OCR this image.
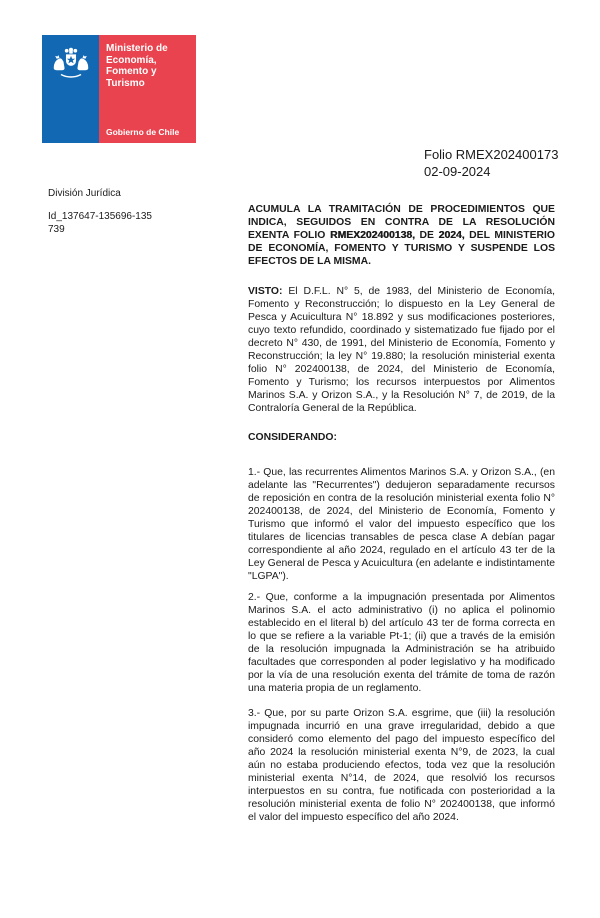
Ministerio de Economía, Fomento y Turismo
Gobierno de Chile
Folio RMEX202400173
02-09-2024
División Jurídica
Id_137647-135696-135739

ACUMULA LA TRAMITACIÓN DE PROCEDIMIENTOS QUE INDICA, SEGUIDOS EN CONTRA DE LA RESOLUCIÓN EXENTA FOLIO RMEX202400138, DE 2024, DEL MINISTERIO DE ECONOMÍA, FOMENTO Y TURISMO Y SUSPENDE LOS EFECTOS DE LA MISMA.

VISTO: El D.F.L. N° 5, de 1983, del Ministerio de Economía, Fomento y Reconstrucción; lo dispuesto en la Ley General de Pesca y Acuicultura N° 18.892 y sus modificaciones posteriores, cuyo texto refundido, coordinado y sistematizado fue fijado por el decreto N° 430, de 1991, del Ministerio de Economía, Fomento y Reconstrucción; la ley N° 19.880; la resolución ministerial exenta folio N° 202400138, de 2024, del Ministerio de Economía, Fomento y Turismo; los recursos interpuestos por Alimentos Marinos S.A. y Orizon S.A., y la Resolución N° 7, de 2019, de la Contraloría General de la República.

CONSIDERANDO:

1.- Que, las recurrentes Alimentos Marinos S.A. y Orizon S.A., (en adelante las "Recurrentes") dedujeron separadamente recursos de reposición en contra de la resolución ministerial exenta folio N° 202400138, de 2024, del Ministerio de Economía, Fomento y Turismo que informó el valor del impuesto específico que los titulares de licencias transables de pesca clase A debían pagar correspondiente al año 2024, regulado en el artículo 43 ter de la Ley General de Pesca y Acuicultura (en adelante e indistintamente "LGPA").

2.- Que, conforme a la impugnación presentada por Alimentos Marinos S.A. el acto administrativo (i) no aplica el polinomio establecido en el literal b) del artículo 43 ter de forma correcta en lo que se refiere a la variable Pt-1; (ii) que a través de la emisión de la resolución impugnada la Administración se ha atribuido facultades que corresponden al poder legislativo y ha modificado por la vía de una resolución exenta del trámite de toma de razón una materia propia de un reglamento.

3.- Que, por su parte Orizon S.A. esgrime, que (iii) la resolución impugnada incurrió en una grave irregularidad, debido a que consideró como elemento del pago del impuesto específico del año 2024 la resolución ministerial exenta N°9, de 2023, la cual aún no estaba produciendo efectos, toda vez que la resolución ministerial exenta N°14, de 2024, que resolvió los recursos interpuestos en su contra, fue notificada con posterioridad a la resolución ministerial exenta de folio N° 202400138, que informó el valor del impuesto específico del año 2024.
